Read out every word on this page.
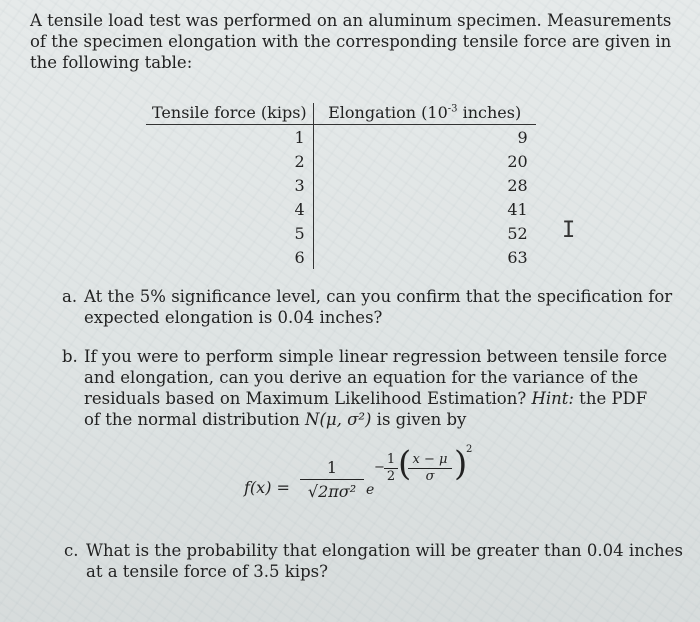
A tensile load test was performed on an aluminum specimen. Measurements
of the specimen elongation with the corresponding tensile force are given in
the following table:
Tensile force (kips)	Elongation ($10^{-3}$ inches)
1	9
2	20
3	28
4	41
5	52
6	63
I
a. At the 5% significance level, can you confirm that the specification for
expected elongation is 0.04 inches?
b. If you were to perform simple linear regression between tensile force
and elongation, can you derive an equation for the variance of the
residuals based on Maximum Likelihood Estimation? Hint: the PDF
of the normal distribution N(μ, σ²) is given by
f(x) =
1
√2πσ² e
−
1
2 ( x − μ
σ )
2
c. What is the probability that elongation will be greater than 0.04 inches
at a tensile force of 3.5 kips?
